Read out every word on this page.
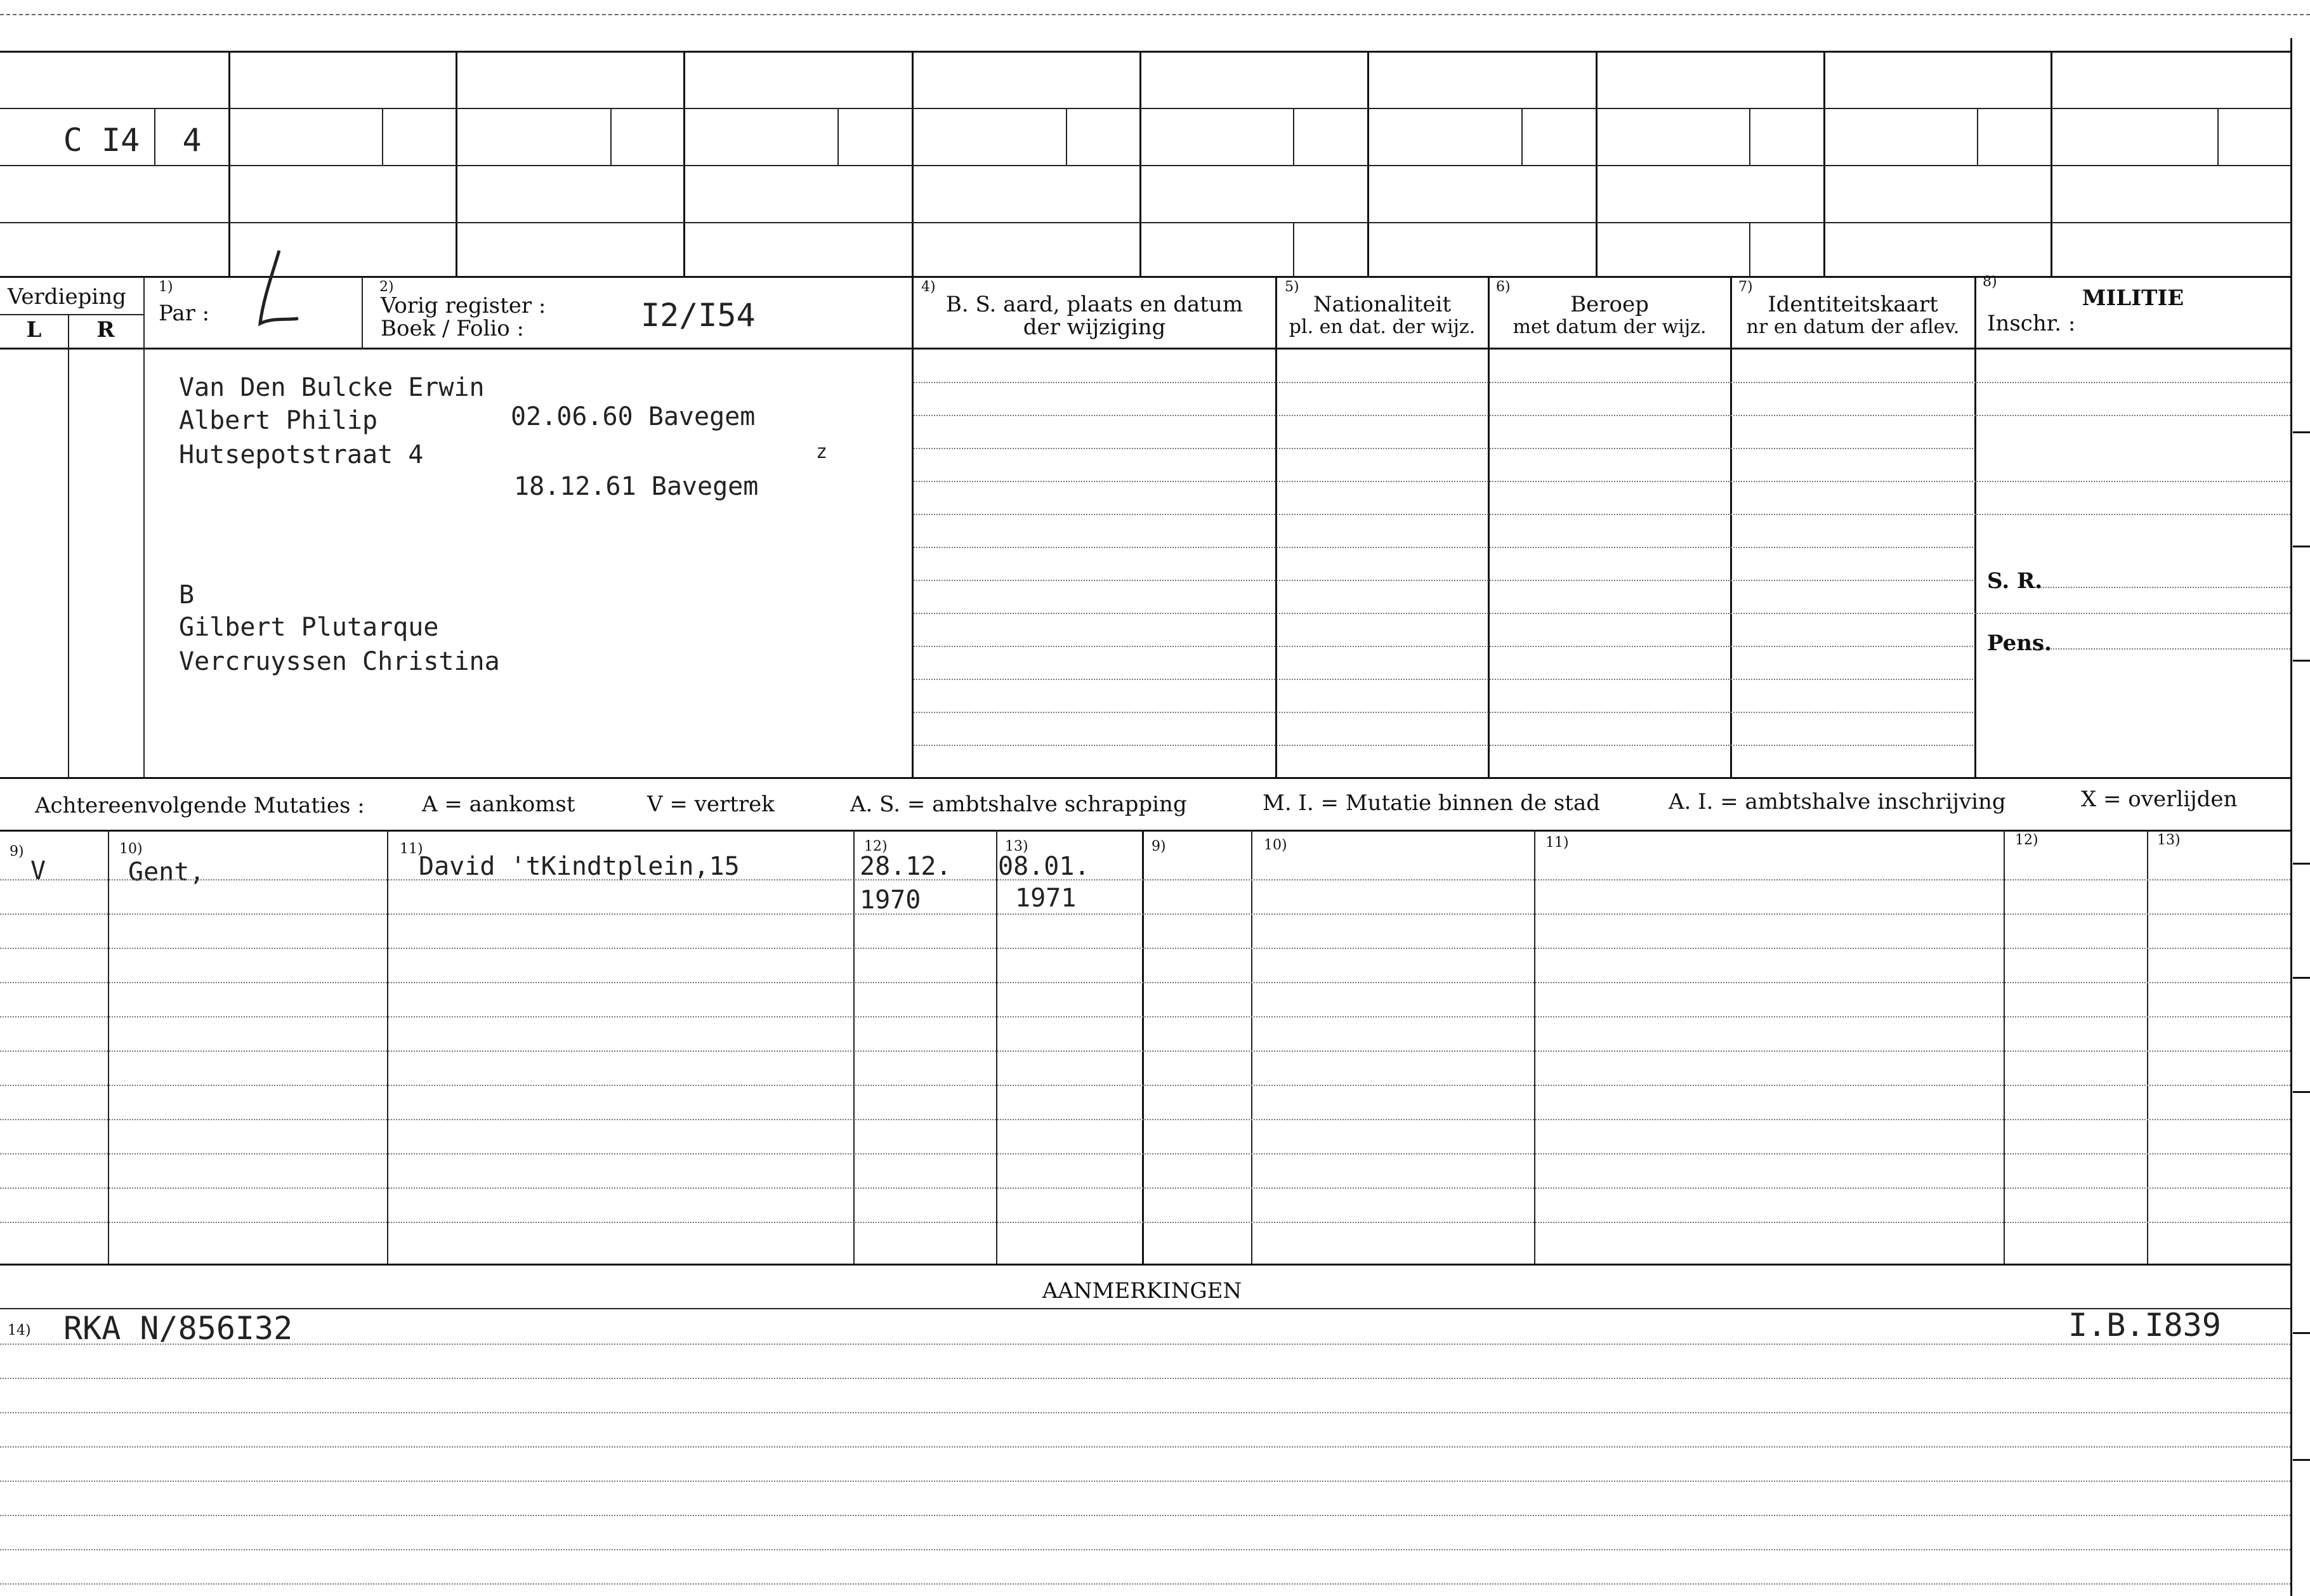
C I4	4
Verdieping
L	R
1)
Par :
2)
Vorig register :
Boek / Folio :	I2/I54
4)
B. S. aard, plaats en datum
der wijziging
5)
Nationaliteit
pl. en dat. der wijz.
6)
Beroep
met datum der wijz.
7)
Identiteitskaart
nr en datum der aflev.
8)
MILITIE
Inschr. :
Van Den Bulcke Erwin
Albert Philip	02.06.60 Bavegem
Hutsepotstraat 4	z
18.12.61 Bavegem
B
Gilbert Plutarque
Vercruyssen Christina
S. R.
Pens.
Achtereenvolgende Mutaties :	A = aankomst	V = vertrek	A. S. = ambtshalve schrapping	M. I. = Mutatie binnen de stad	A. I. = ambtshalve inschrijving	X = overlijden
9)	10)	11)	12)	13)	9)	10)	11)	12)	13)
V	Gent,	David 'tKindtplein,15	28.12.
1970
08.01.
1971
AANMERKINGEN
14) RKA N/856I32	I.B.I839
